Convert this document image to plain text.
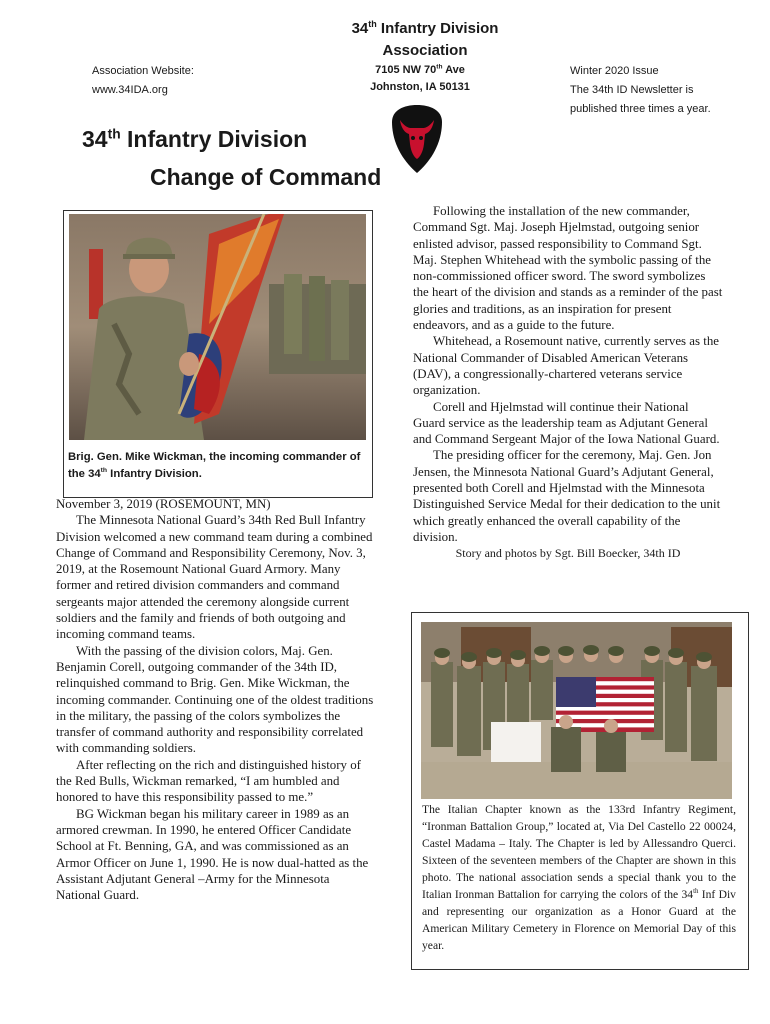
34th Infantry Division
Association
Association Website:
www.34IDA.org
7105 NW 70th Ave
Johnston, IA 50131
Winter 2020 Issue
The 34th ID Newsletter is
published three times a year.
34th Infantry Division
Change of Command
Brig. Gen. Mike Wickman, the incoming commander of the 34th Infantry Division.

November 3, 2019 (ROSEMOUNT, MN)

The Minnesota National Guard’s 34th Red Bull Infantry Division welcomed a new command team during a combined Change of Command and Responsibility Ceremony, Nov. 3, 2019, at the Rosemount National Guard Armory. Many former and retired division commanders and command sergeants major attended the ceremony alongside current soldiers and the family and friends of both outgoing and incoming command teams.

With the passing of the division colors, Maj. Gen. Benjamin Corell, outgoing commander of the 34th ID, relinquished command to Brig. Gen. Mike Wickman, the incoming commander. Continuing one of the oldest traditions in the military, the passing of the colors symbolizes the transfer of command authority and responsibility correlated with commanding soldiers.

After reflecting on the rich and distinguished history of the Red Bulls, Wickman remarked, “I am humbled and honored to have this responsibility passed to me.”

BG Wickman began his military career in 1989 as an armored crewman. In 1990, he entered Officer Candidate School at Ft. Benning, GA, and was commissioned as an Armor Officer on June 1, 1990. He is now dual-hatted as the Assistant Adjutant General –Army for the Minnesota National Guard.

Following the installation of the new commander, Command Sgt. Maj. Joseph Hjelmstad, outgoing senior enlisted advisor, passed responsibility to Command Sgt. Maj. Stephen Whitehead with the symbolic passing of the non-commissioned officer sword. The sword symbolizes the heart of the division and stands as a reminder of the past glories and traditions, as an inspiration for present endeavors, and as a guide to the future.

Whitehead, a Rosemount native, currently serves as the National Commander of Disabled American Veterans (DAV), a congressionally-chartered veterans service organization.

Corell and Hjelmstad will continue their National Guard service as the leadership team as Adjutant General and Command Sergeant Major of the Iowa National Guard.

The presiding officer for the ceremony, Maj. Gen. Jon Jensen, the Minnesota National Guard’s Adjutant General, presented both Corell and Hjelmstad with the Minnesota Distinguished Service Medal for their dedication to the unit which greatly enhanced the overall capability of the division.

Story and photos by Sgt. Bill Boecker, 34th ID

The Italian Chapter known as the 133rd Infantry Regiment, “Ironman Battalion Group,” located at, Via Del Castello 22 00024, Castel Madama – Italy. The Chapter is led by Allessandro Querci. Sixteen of the seventeen members of the Chapter are shown in this photo. The national association sends a special thank you to the Italian Ironman Battalion for carrying the colors of the 34th Inf Div and representing our organization as a Honor Guard at the American Military Cemetery in Florence on Memorial Day of this year.
